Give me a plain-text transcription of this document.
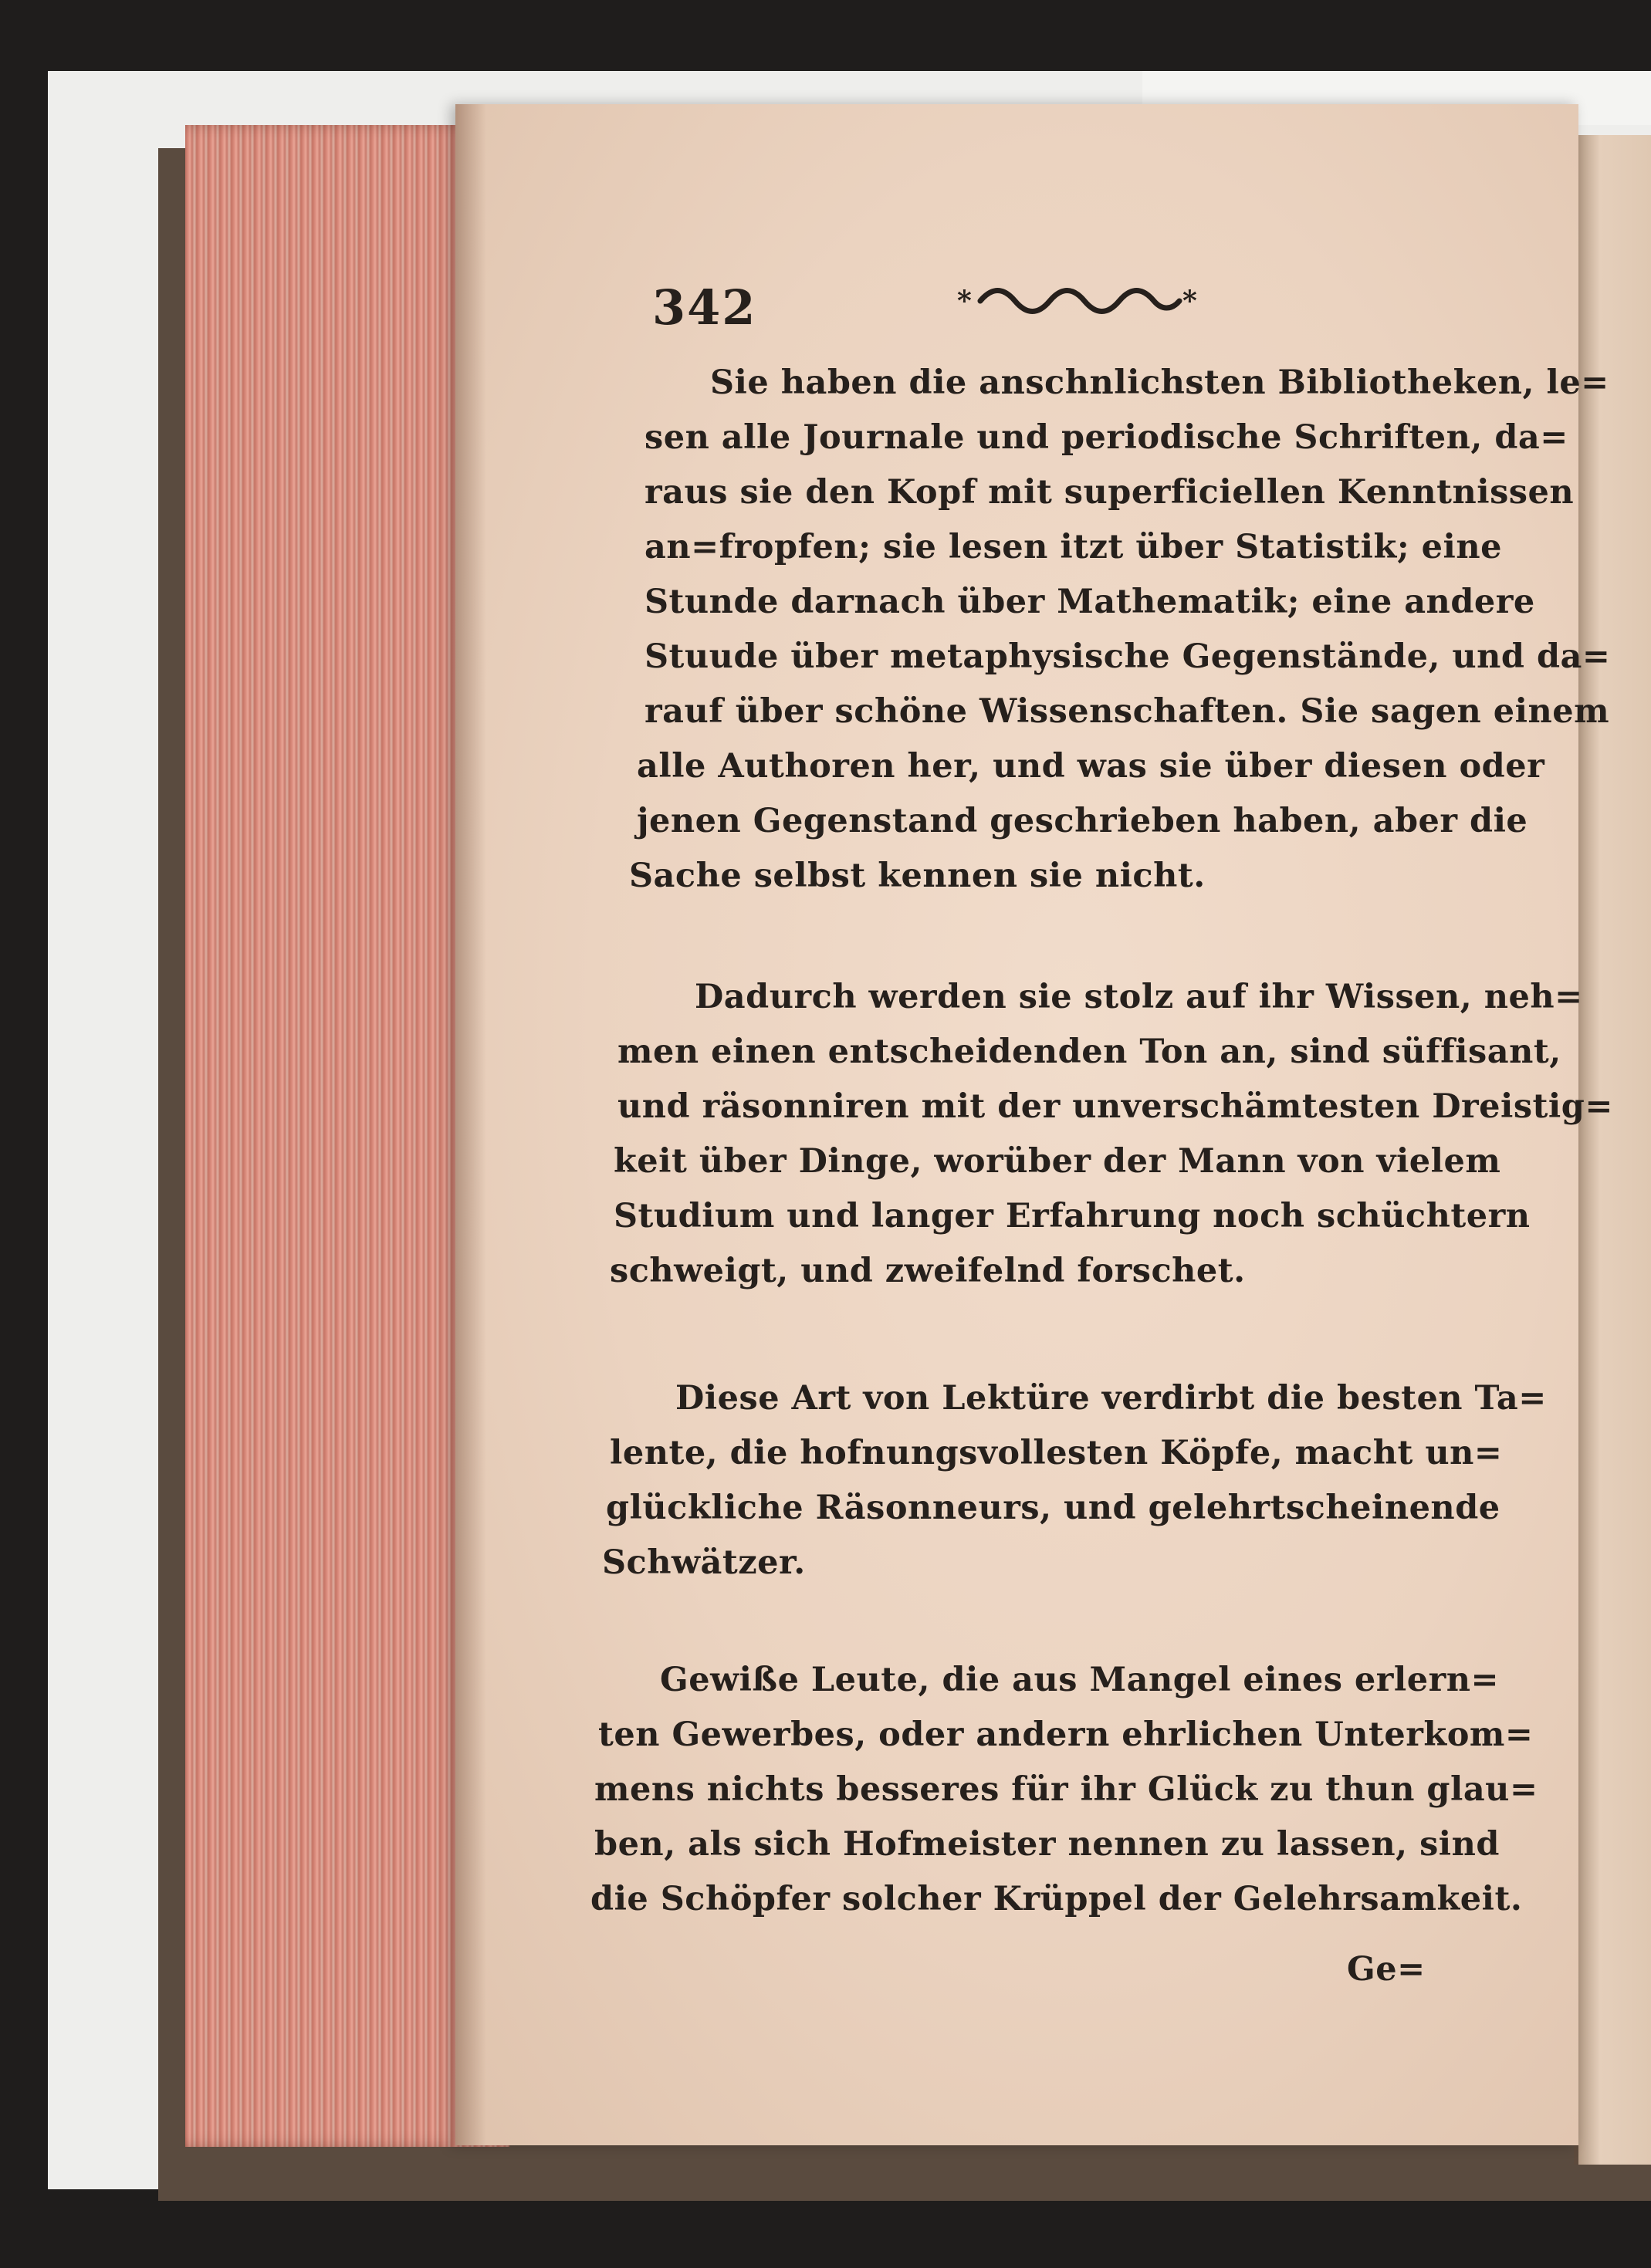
342	*	*
Sie haben die anschnlichsten Bibliotheken, le=
sen alle Journale und periodische Schriften, da=
raus sie den Kopf mit superficiellen Kenntnissen
an=fropfen; sie lesen itzt über Statistik; eine
Stunde darnach über Mathematik; eine andere
Stuude über metaphysische Gegenstände, und da=
rauf über schöne Wissenschaften. Sie sagen einem
alle Authoren her, und was sie über diesen oder
jenen Gegenstand geschrieben haben, aber die
Sache selbst kennen sie nicht.
Dadurch werden sie stolz auf ihr Wissen, neh=
men einen entscheidenden Ton an, sind süffisant,
und räsonniren mit der unverschämtesten Dreistig=
keit über Dinge, worüber der Mann von vielem
Studium und langer Erfahrung noch schüchtern
schweigt, und zweifelnd forschet.
Diese Art von Lektüre verdirbt die besten Ta=
lente, die hofnungsvollesten Köpfe, macht un=
glückliche Räsonneurs, und gelehrtscheinende
Schwätzer.
Gewiße Leute, die aus Mangel eines erlern=
ten Gewerbes, oder andern ehrlichen Unterkom=
mens nichts besseres für ihr Glück zu thun glau=
ben, als sich Hofmeister nennen zu lassen, sind
die Schöpfer solcher Krüppel der Gelehrsamkeit.
Ge=
